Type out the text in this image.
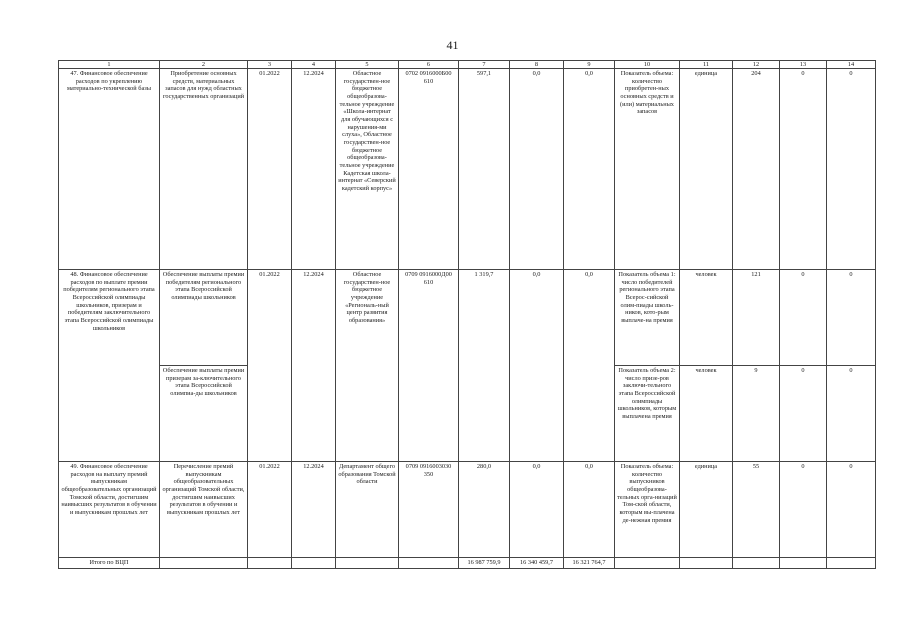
41
1	2	3	4	5	6	7	8	9	10	11	12	13	14
47. Финансовое обеспечение расходов по укреплению материально-технической базы	Приобретение основных средств, материальных запасов для нужд областных государственных организаций	01.2022	12.2024	Областное государствен-ное бюджетное общеобразова-тельное учреждение «Школа-интернат для обучающихся с нарушения-ми слуха», Областное государствен-ное бюджетное общеобразова-тельное учреждение Кадетская школа-интернат «Северский кадетский корпус»	0702 0916000Б00 610	597,1	0,0	0,0	Показатель объема: количество приобретен-ных основных средств и (или) материальных запасов	единица	204	0	0
48. Финансовое обеспечение расходов по выплате премии победителям регионального этапа Всероссийской олимпиады школьников, призерам и победителям заключительного этапа Всероссийской олимпиады школьников	Обеспечение выплаты премии победителям регионального этапа Всероссийской олимпиады школьников	01.2022	12.2024	Областное государствен-ное бюджетное учреждение «Региональ-ный центр развития образования»	0709 0916000Д00 610	1 319,7	0,0	0,0	Показатель объема 1: число победителей регионального этапа Всерос-сийской олим-пиады школь-ников, кото-рым выплаче-на премия	человек	121	0	0
	Обеспечение выплаты премии призерам за-ключительного этапа Всероссийской олимпиа-ды школьников								Показатель объема 2: число призе-ров заключи-тельного этапа Всероссийской олимпиады школьников, которым выплачена премия	человек	9	0	0
49. Финансовое обеспечение расходов на выплату премий выпускникам общеобразовательных организаций Томской области, достигшим наивысших результатов в обучении и выпускникам прошлых лет	Перечисление премий выпускникам общеобразовательных организаций Томской области, достигшим наивысших результатов в обучении и выпускникам прошлых лет	01.2022	12.2024	Департамент общего образования Томской области	0709 0916003030 350	280,0	0,0	0,0	Показатель объема: количество выпускников общеобразова-тельных орга-низаций Том-ской области, которым вы-плачена де-нежная премия	единица	55	0	0
Итого по ВЦП						16 987 759,9	16 340 459,7	16 321 764,7					
